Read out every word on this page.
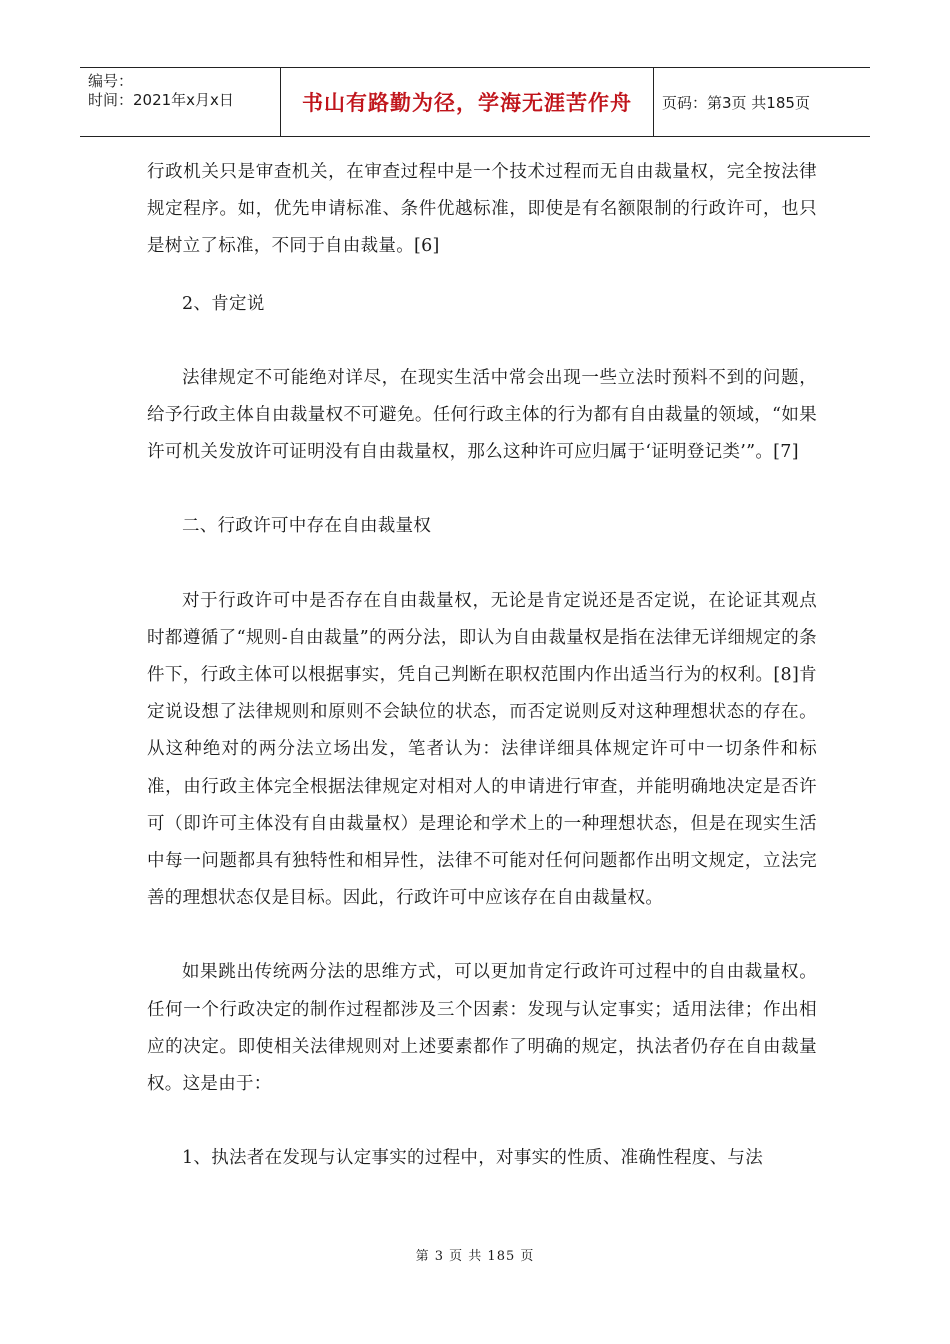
编号：
时间：2021年x月x日	书山有路勤为径，学海无涯苦作舟	页码：第3页 共185页

行政机关只是审查机关，在审查过程中是一个技术过程而无自由裁量权，完全按法律规定程序。如，优先申请标准、条件优越标准，即使是有名额限制的行政许可，也只是树立了标准，不同于自由裁量。[6]

2、肯定说

法律规定不可能绝对详尽，在现实生活中常会出现一些立法时预料不到的问题，给予行政主体自由裁量权不可避免。任何行政主体的行为都有自由裁量的领域，“如果许可机关发放许可证明没有自由裁量权，那么这种许可应归属于‘证明登记类’”。[7]

二、行政许可中存在自由裁量权

对于行政许可中是否存在自由裁量权，无论是肯定说还是否定说，在论证其观点时都遵循了“规则-自由裁量”的两分法，即认为自由裁量权是指在法律无详细规定的条件下，行政主体可以根据事实，凭自己判断在职权范围内作出适当行为的权利。[8]肯定说设想了法律规则和原则不会缺位的状态，而否定说则反对这种理想状态的存在。从这种绝对的两分法立场出发，笔者认为：法律详细具体规定许可中一切条件和标准，由行政主体完全根据法律规定对相对人的申请进行审查，并能明确地决定是否许可（即许可主体没有自由裁量权）是理论和学术上的一种理想状态，但是在现实生活中每一问题都具有独特性和相异性，法律不可能对任何问题都作出明文规定，立法完善的理想状态仅是目标。因此，行政许可中应该存在自由裁量权。

如果跳出传统两分法的思维方式，可以更加肯定行政许可过程中的自由裁量权。任何一个行政决定的制作过程都涉及三个因素：发现与认定事实；适用法律；作出相应的决定。即使相关法律规则对上述要素都作了明确的规定，执法者仍存在自由裁量权。这是由于：

1、执法者在发现与认定事实的过程中，对事实的性质、准确性程度、与法

第 3 页 共 185 页
